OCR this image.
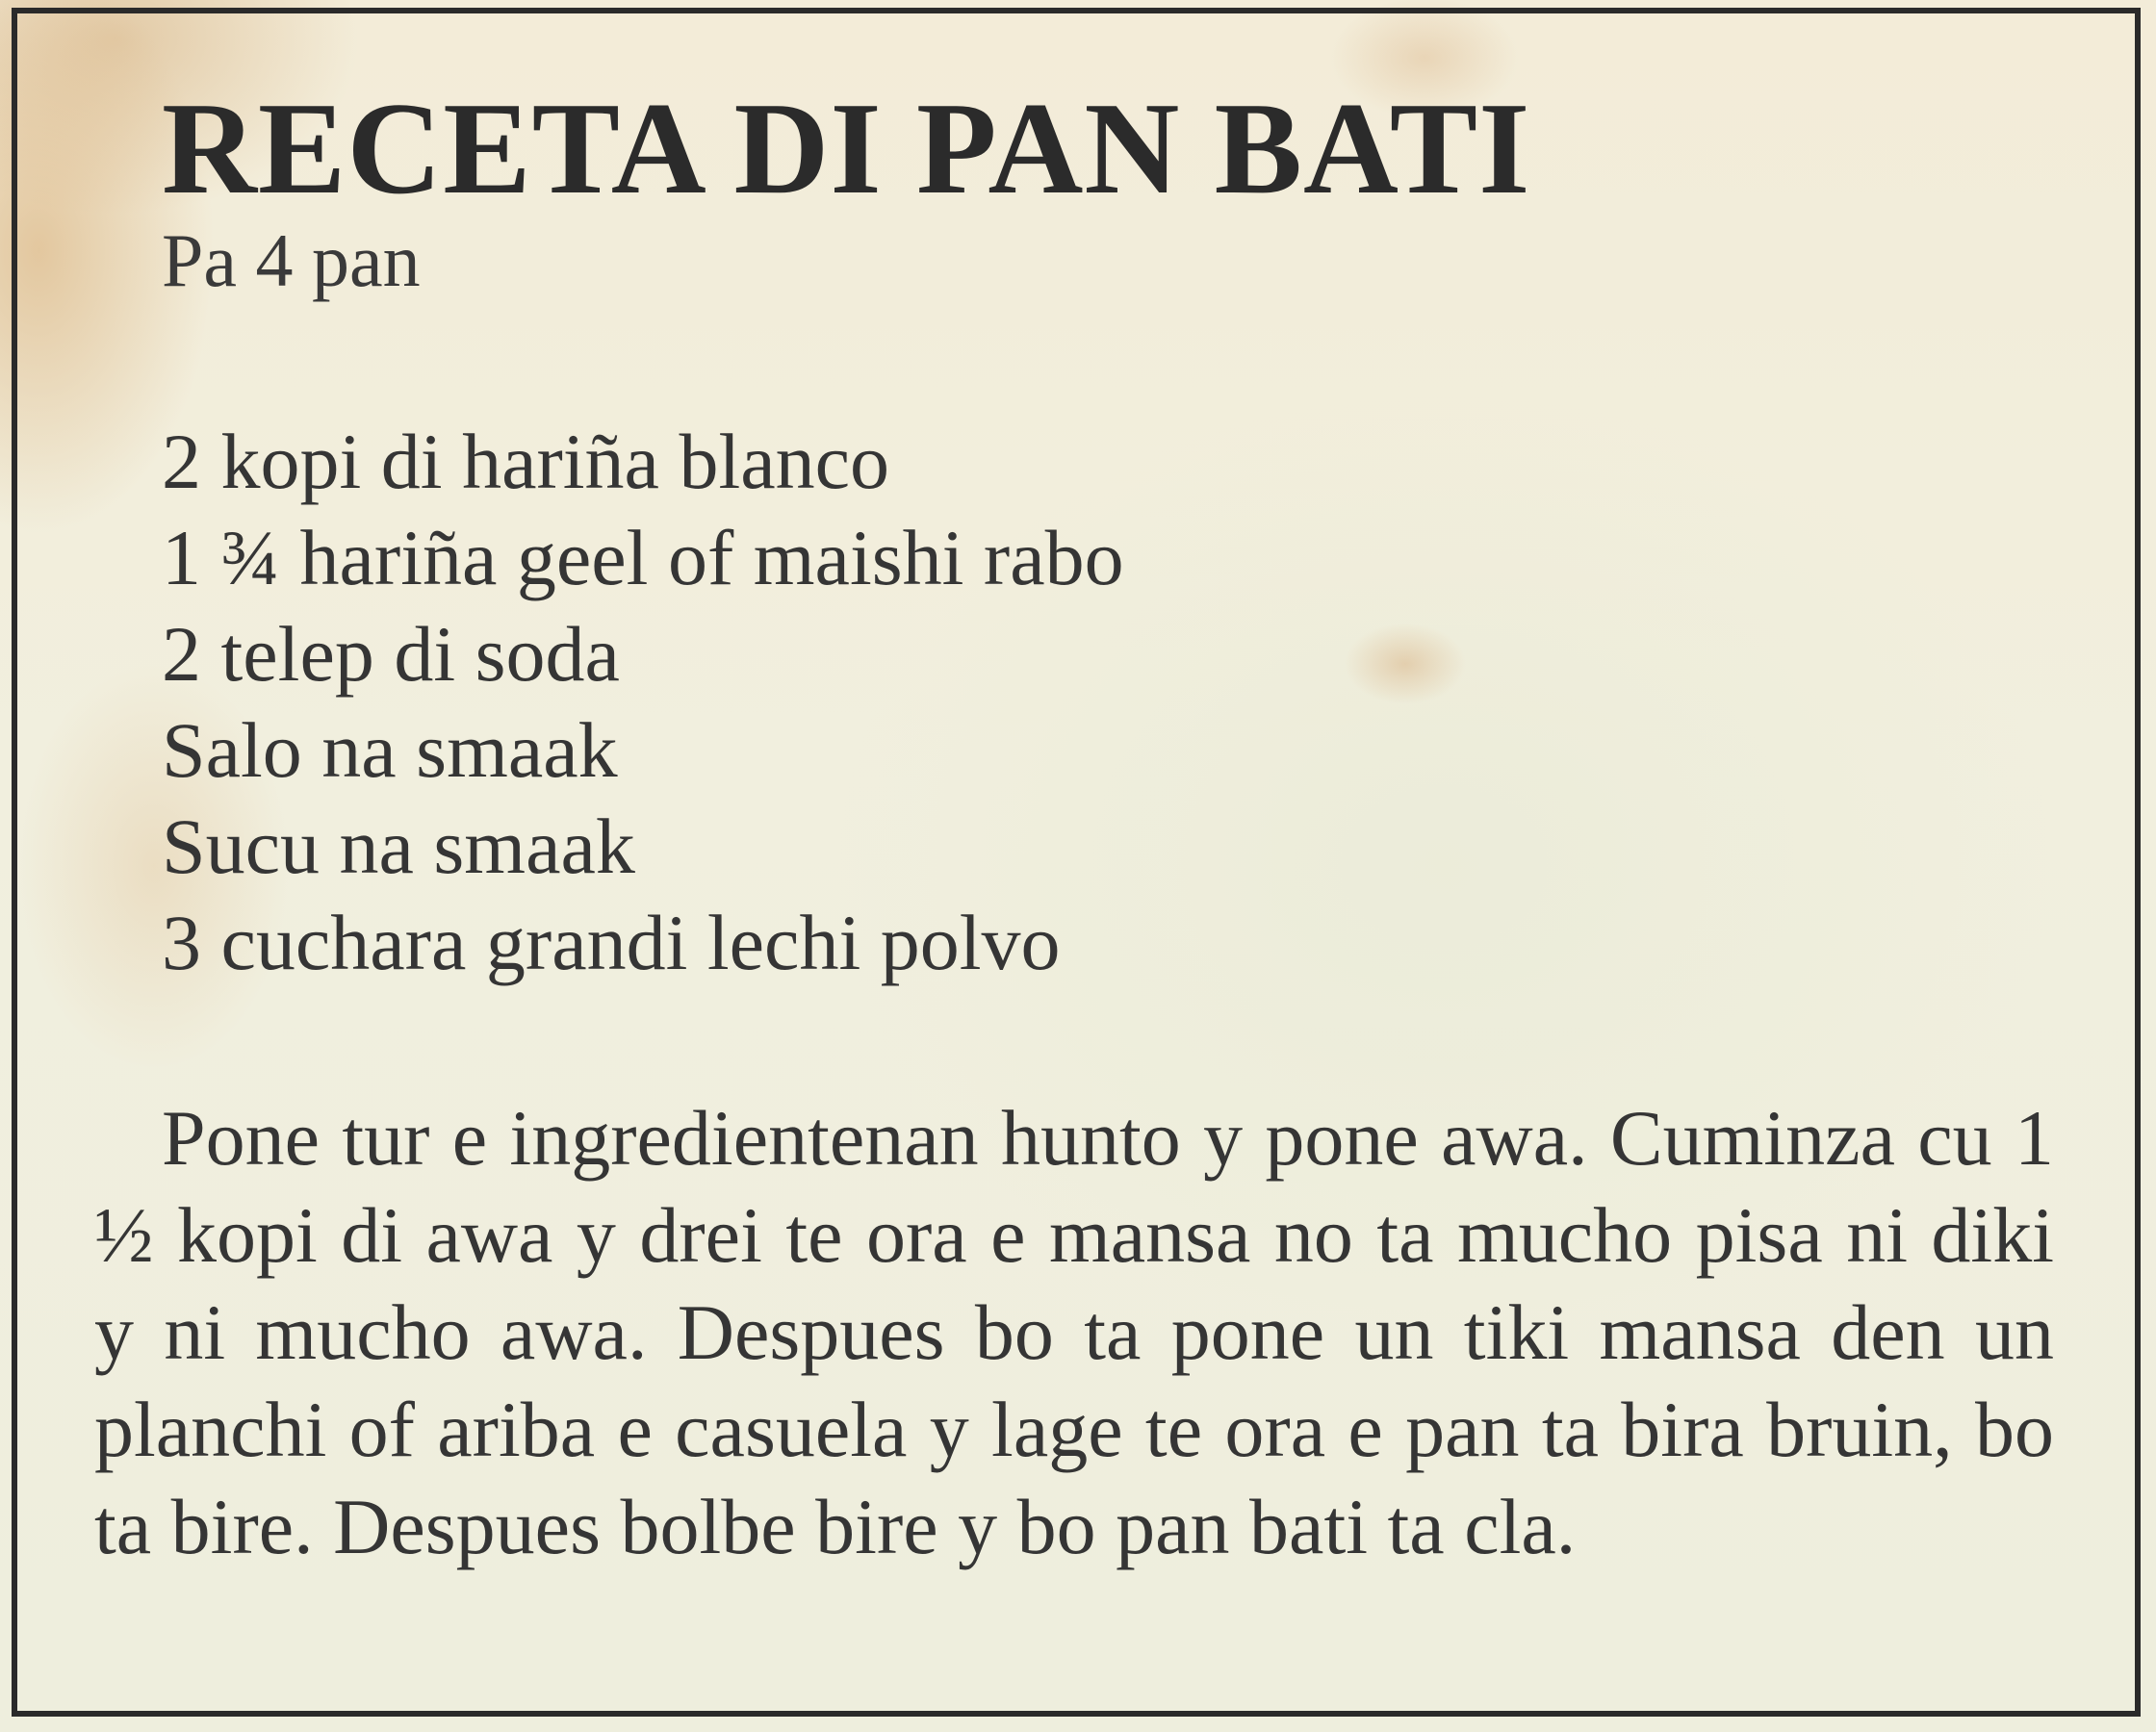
RECETA DI PAN BATI

Pa 4 pan

2 kopi di hariña blanco
1 ¾ hariña geel of maishi rabo
2 telep di soda
Salo na smaak
Sucu na smaak
3 cuchara grandi lechi polvo

Pone tur e ingredientenan hunto y pone awa. Cuminza cu 1 ½ kopi di awa y drei te ora e mansa no ta mucho pisa ni diki y ni mucho awa. Despues bo ta pone un tiki mansa den un planchi of ariba e casuela y lage te ora e pan ta bira bruin, bo ta bire. Despues bolbe bire y bo pan bati ta cla.
